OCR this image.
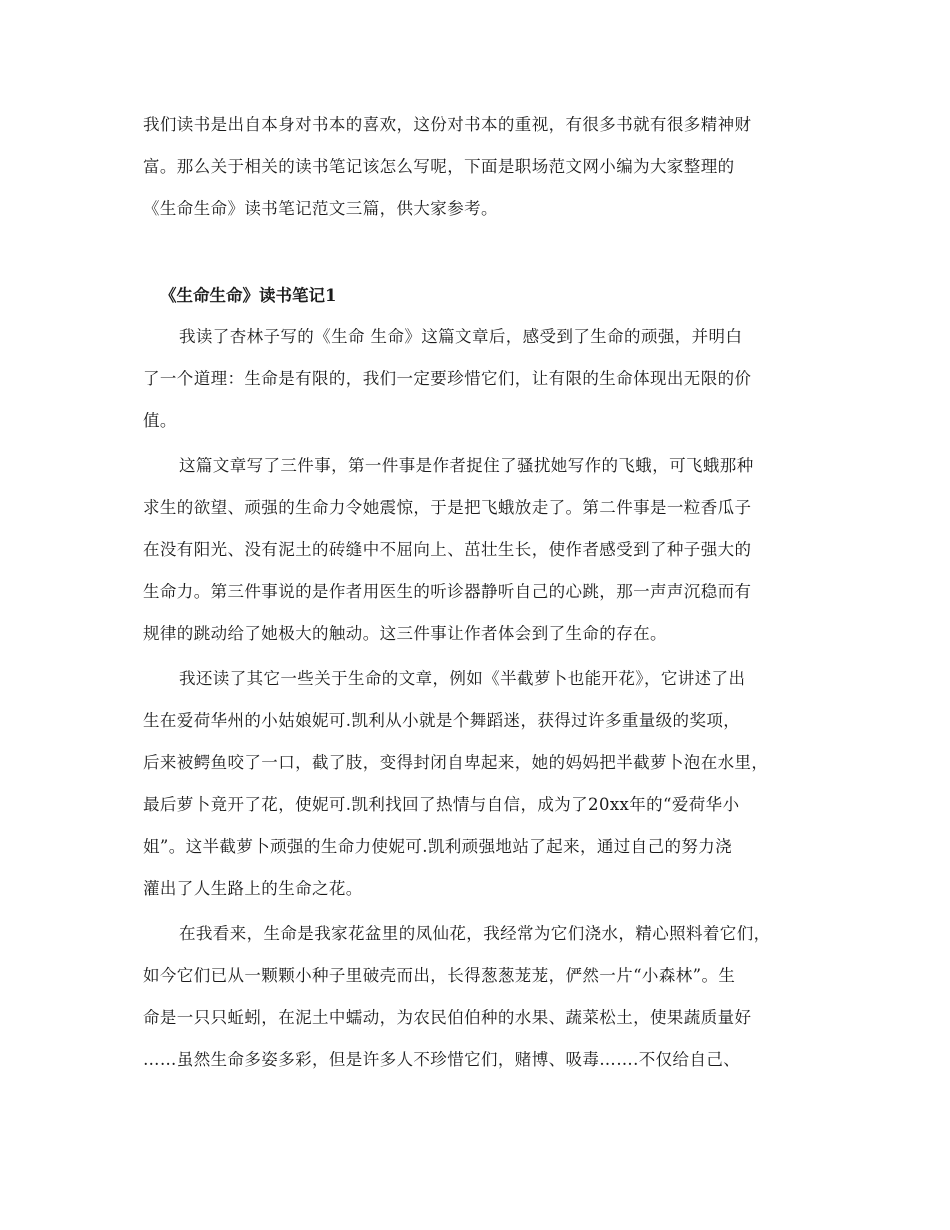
我们读书是出自本身对书本的喜欢，这份对书本的重视，有很多书就有很多精神财
富。那么关于相关的读书笔记该怎么写呢，下面是职场范文网小编为大家整理的
《生命生命》读书笔记范文三篇，供大家参考。
《生命生命》读书笔记1
我读了杏林子写的《生命 生命》这篇文章后，感受到了生命的顽强，并明白
了一个道理：生命是有限的，我们一定要珍惜它们，让有限的生命体现出无限的价
值。
这篇文章写了三件事，第一件事是作者捉住了骚扰她写作的飞蛾，可飞蛾那种
求生的欲望、顽强的生命力令她震惊，于是把飞蛾放走了。第二件事是一粒香瓜子
在没有阳光、没有泥土的砖缝中不屈向上、茁壮生长，使作者感受到了种子强大的
生命力。第三件事说的是作者用医生的听诊器静听自己的心跳，那一声声沉稳而有
规律的跳动给了她极大的触动。这三件事让作者体会到了生命的存在。
我还读了其它一些关于生命的文章，例如《半截萝卜也能开花》，它讲述了出
生在爱荷华州的小姑娘妮可.凯利从小就是个舞蹈迷，获得过许多重量级的奖项，
后来被鳄鱼咬了一口，截了肢，变得封闭自卑起来，她的妈妈把半截萝卜泡在水里，
最后萝卜竟开了花，使妮可.凯利找回了热情与自信，成为了20xx年的“爱荷华小
姐”。这半截萝卜顽强的生命力使妮可.凯利顽强地站了起来，通过自己的努力浇
灌出了人生路上的生命之花。
在我看来，生命是我家花盆里的凤仙花，我经常为它们浇水，精心照料着它们，
如今它们已从一颗颗小种子里破壳而出，长得葱葱茏茏，俨然一片“小森林”。生
命是一只只蚯蚓，在泥土中蠕动，为农民伯伯种的水果、蔬菜松土，使果蔬质量好
……虽然生命多姿多彩，但是许多人不珍惜它们，赌博、吸毒…….不仅给自己、
